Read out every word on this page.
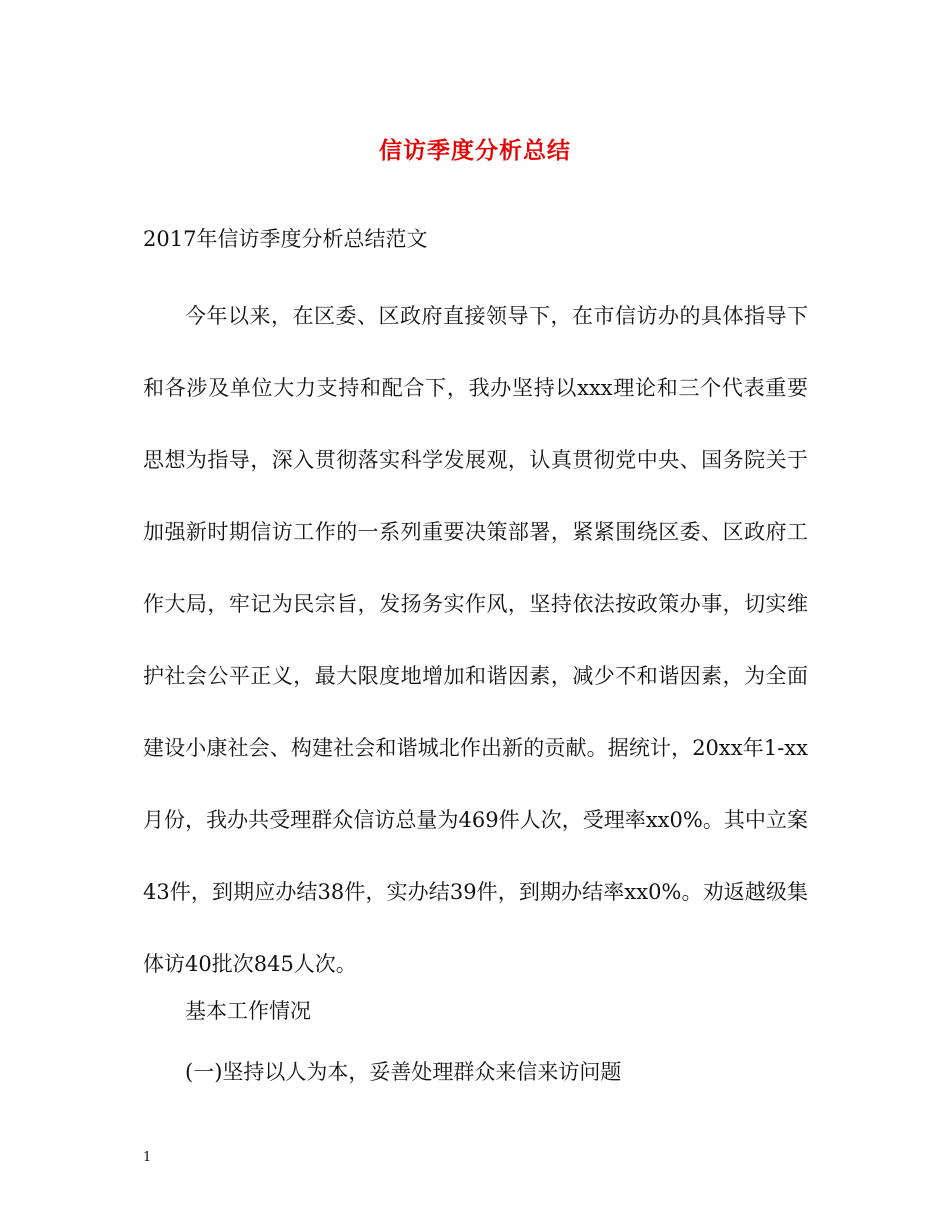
信访季度分析总结
2017年信访季度分析总结范文

今年以来，在区委、区政府直接领导下，在市信访办的具体指导下和各涉及单位大力支持和配合下，我办坚持以xxx理论和三个代表重要思想为指导，深入贯彻落实科学发展观，认真贯彻党中央、国务院关于加强新时期信访工作的一系列重要决策部署，紧紧围绕区委、区政府工作大局，牢记为民宗旨，发扬务实作风，坚持依法按政策办事，切实维护社会公平正义，最大限度地增加和谐因素，减少不和谐因素，为全面建设小康社会、构建社会和谐城北作出新的贡献。据统计，20xx年1-xx月份，我办共受理群众信访总量为469件人次，受理率xx0%。其中立案43件，到期应办结38件，实办结39件，到期办结率xx0%。劝返越级集体访40批次845人次。

基本工作情况
(一)坚持以人为本，妥善处理群众来信来访问题
1
